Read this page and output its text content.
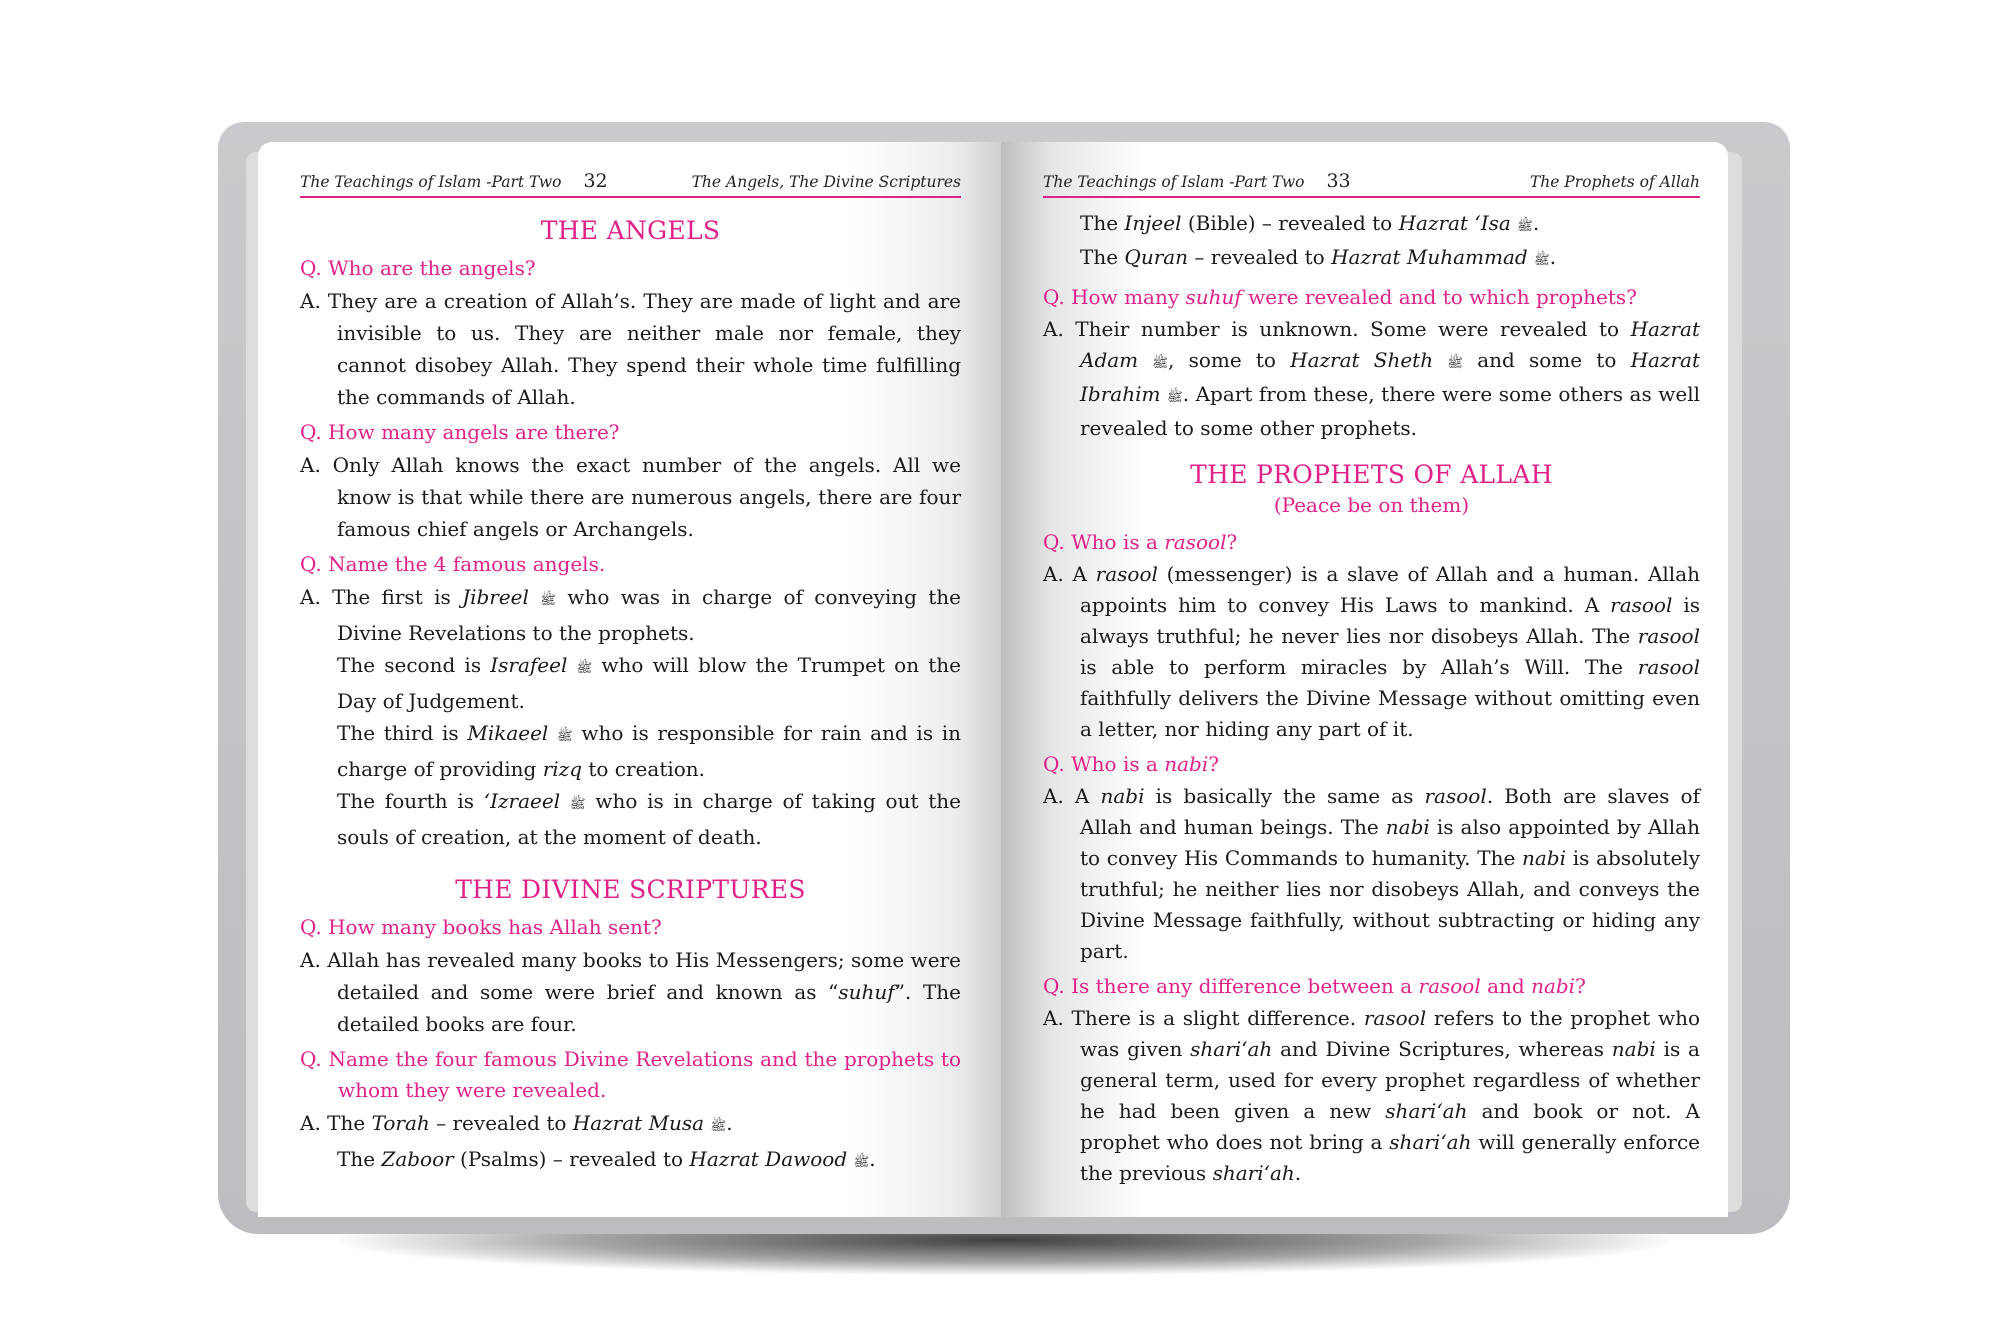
The Teachings of Islam -Part Two 32	The Angels, The Divine Scriptures
THE ANGELS

Q. Who are the angels?

A. They are a creation of Allah’s. They are made of light and are invisible to us. They are neither male nor female, they cannot disobey Allah. They spend their whole time fulfilling the commands of Allah.

Q. How many angels are there?

A. Only Allah knows the exact number of the angels. All we know is that while there are numerous angels, there are four famous chief angels or Archangels.

Q. Name the 4 famous angels.

A. The first is Jibreel ﷺ who was in charge of conveying the Divine Revelations to the prophets.

The second is Israfeel ﷺ who will blow the Trumpet on the Day of Judgement.

The third is Mikaeel ﷺ who is responsible for rain and is in charge of providing rizq to creation.

The fourth is ‘Izraeel ﷺ who is in charge of taking out the souls of creation, at the moment of death.

THE DIVINE SCRIPTURES

Q. How many books has Allah sent?

A. Allah has revealed many books to His Messengers; some were detailed and some were brief and known as “suhuf”. The detailed books are four.

Q. Name the four famous Divine Revelations and the prophets to whom they were revealed.

A. The Torah – revealed to Hazrat Musa ﷺ.

The Zaboor (Psalms) – revealed to Hazrat Dawood ﷺ.

The Teachings of Islam -Part Two 33	The Prophets of Allah

The Injeel (Bible) – revealed to Hazrat ‘Isa ﷺ.

The Quran – revealed to Hazrat Muhammad ﷺ.

Q. How many suhuf were revealed and to which prophets?

A. Their number is unknown. Some were revealed to Hazrat Adam ﷺ, some to Hazrat Sheth ﷺ and some to Hazrat Ibrahim ﷺ. Apart from these, there were some others as well revealed to some other prophets.

THE PROPHETS OF ALLAH
(Peace be on them)

Q. Who is a rasool?

A. A rasool (messenger) is a slave of Allah and a human. Allah appoints him to convey His Laws to mankind. A rasool is always truthful; he never lies nor disobeys Allah. The rasool is able to perform miracles by Allah’s Will. The rasool faithfully delivers the Divine Message without omitting even a letter, nor hiding any part of it.

Q. Who is a nabi?

A. A nabi is basically the same as rasool. Both are slaves of Allah and human beings. The nabi is also appointed by Allah to convey His Commands to humanity. The nabi is absolutely truthful; he neither lies nor disobeys Allah, and conveys the Divine Message faithfully, without subtracting or hiding any part.

Q. Is there any difference between a rasool and nabi?

A. There is a slight difference. rasool refers to the prophet who was given shari‘ah and Divine Scriptures, whereas nabi is a general term, used for every prophet regardless of whether he had been given a new shari‘ah and book or not. A prophet who does not bring a shari‘ah will generally enforce the previous shari‘ah.
